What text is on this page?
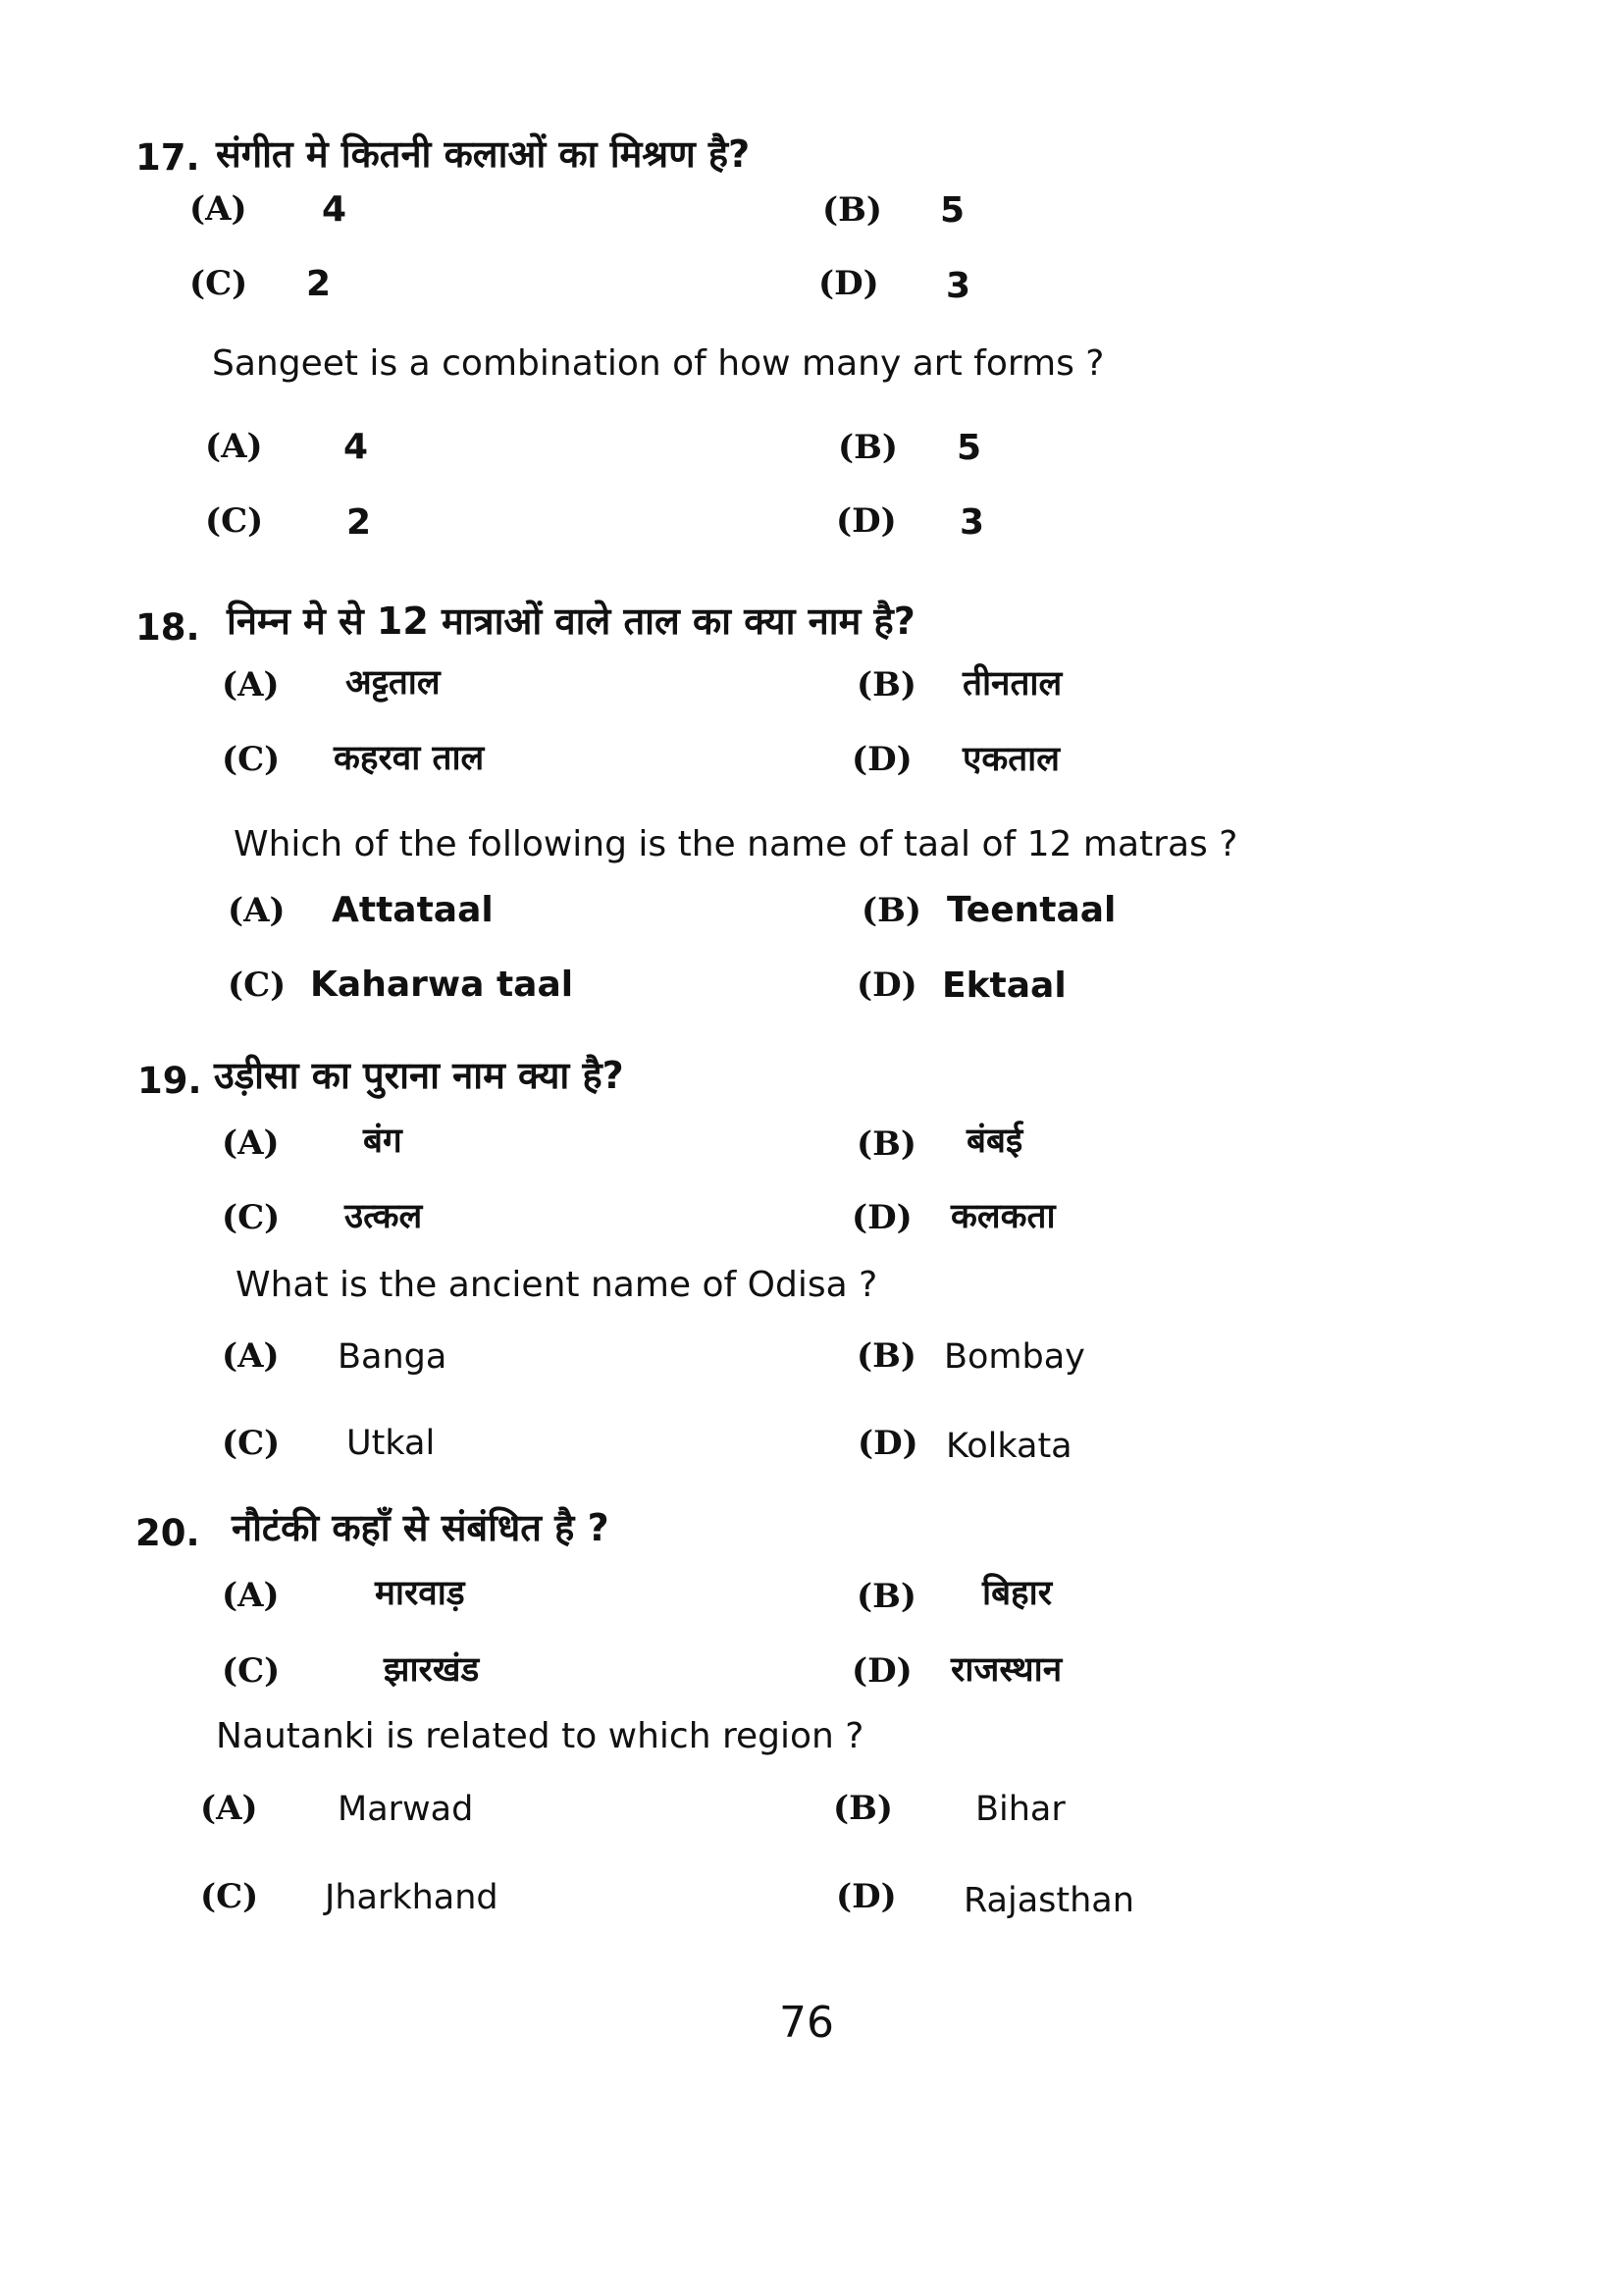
17. संगीत मे कितनी कलाओं का मिश्रण है?
(A) 4	(B) 5
(C) 2	(D) 3
Sangeet is a combination of how many art forms ?
(A) 4	(B) 5
(C) 2	(D) 3
18. निम्न मे से 12 मात्राओं वाले ताल का क्या नाम है?
(A) अट्टताल	(B) तीनताल
(C) कहरवा ताल	(D) एकताल
Which of the following is the name of taal of 12 matras ?
(A) Attataal	(B) Teentaal
(C) Kaharwa taal	(D) Ektaal
19. उड़ीसा का पुराना नाम क्या है?
(A) बंग	(B) बंबई
(C) उत्कल	(D) कलकता
What is the ancient name of Odisa ?
(A) Banga	(B) Bombay
(C) Utkal	(D) Kolkata
20. नौटंकी कहाँ से संबंधित है ?
(A)	मारवाड़	(B) बिहार
(C)	झारखंड	(D) राजस्थान
Nautanki is related to which region ?
(A) Marwad	(B) Bihar
(C) Jharkhand	(D) Rajasthan
76
